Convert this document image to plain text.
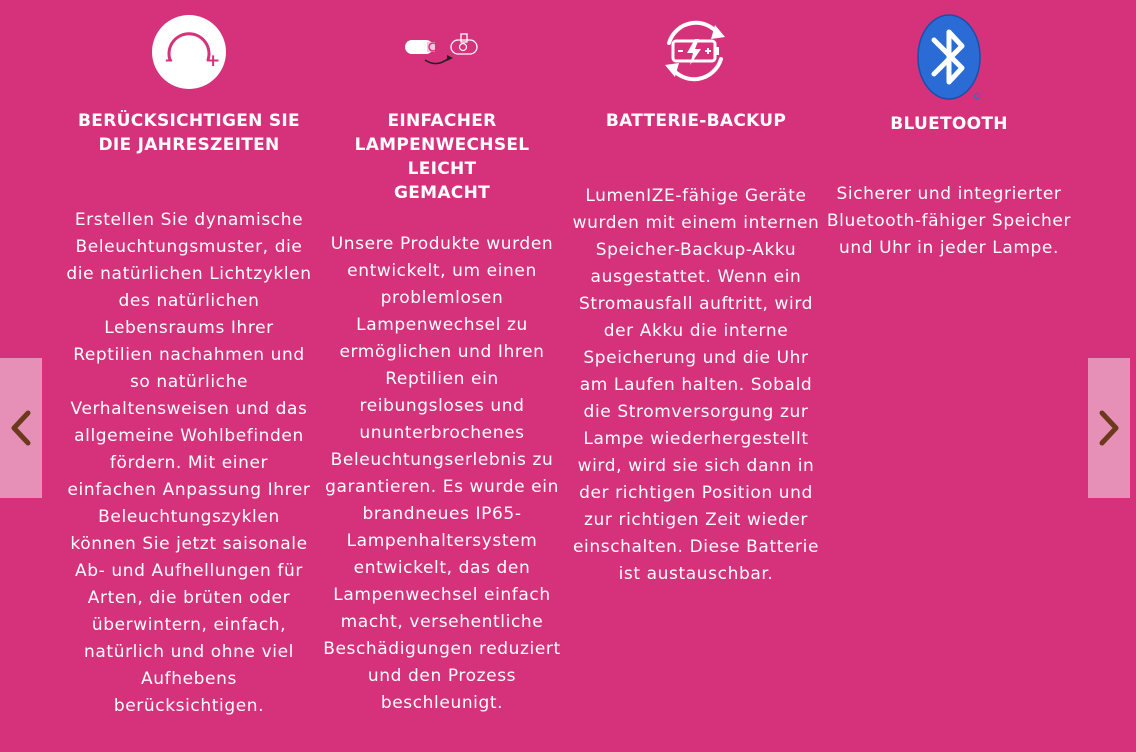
– +
BERÜCKSICHTIGEN SIE
DIE JAHRESZEITEN
Erstellen Sie dynamische
Beleuchtungsmuster, die
die natürlichen Lichtzyklen
des natürlichen
Lebensraums Ihrer
Reptilien nachahmen und
so natürliche
Verhaltensweisen und das
allgemeine Wohlbefinden
fördern. Mit einer
einfachen Anpassung Ihrer
Beleuchtungszyklen
können Sie jetzt saisonale
Ab- und Aufhellungen für
Arten, die brüten oder
überwintern, einfach,
natürlich und ohne viel
Aufhebens
berücksichtigen.
EINFACHER
LAMPENWECHSEL LEICHT
GEMACHT
Unsere Produkte wurden
entwickelt, um einen
problemlosen
Lampenwechsel zu
ermöglichen und Ihren
Reptilien ein
reibungsloses und
ununterbrochenes
Beleuchtungserlebnis zu
garantieren. Es wurde ein
brandneues IP65-
Lampenhaltersystem
entwickelt, das den
Lampenwechsel einfach
macht, versehentliche
Beschädigungen reduziert
und den Prozess
beschleunigt.
BATTERIE-BACKUP
LumenIZE-fähige Geräte
wurden mit einem internen
Speicher-Backup-Akku
ausgestattet. Wenn ein
Stromausfall auftritt, wird
der Akku die interne
Speicherung und die Uhr
am Laufen halten. Sobald
die Stromversorgung zur
Lampe wiederhergestellt
wird, wird sie sich dann in
der richtigen Position und
zur richtigen Zeit wieder
einschalten. Diese Batterie
ist austauschbar.
BLUETOOTH
Sicherer und integrierter
Bluetooth-fähiger Speicher
und Uhr in jeder Lampe.
